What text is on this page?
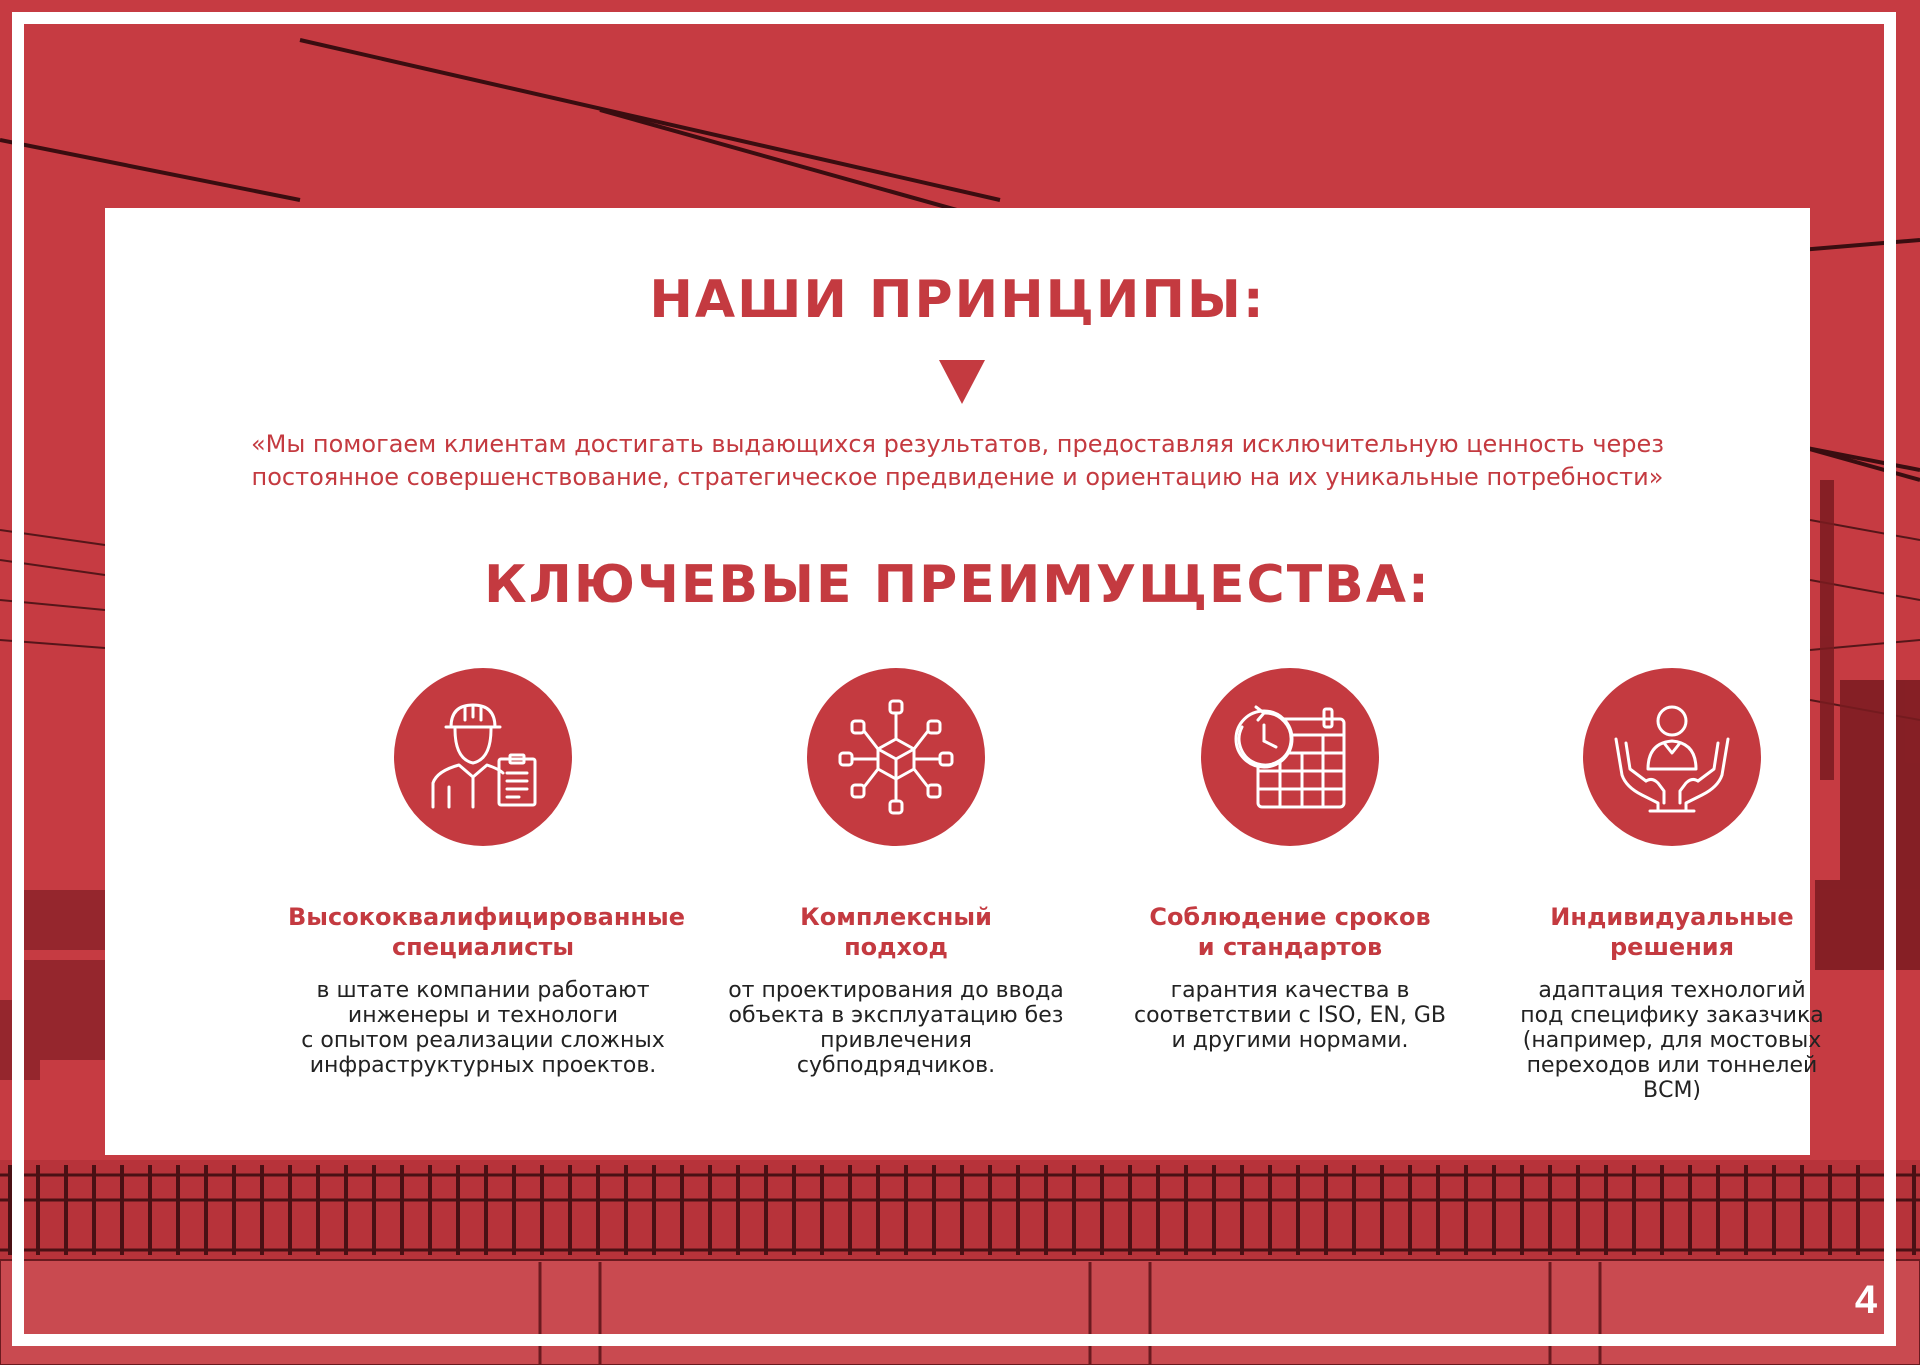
НАШИ ПРИНЦИПЫ:
«Мы помогаем клиентам достигать выдающихся результатов, предоставляя исключительную ценность через
постоянное совершенствование, стратегическое предвидение и ориентацию на их уникальные потребности»
КЛЮЧЕВЫЕ ПРЕИМУЩЕСТВА:
Высококвалифицированные
специалисты
в штате компании работают
инженеры и технологи
с опытом реализации сложных
инфраструктурных проектов.
Комплексный
подход
от проектирования до ввода
объекта в эксплуатацию без
привлечения
субподрядчиков.
Соблюдение сроков
и стандартов
гарантия качества в
соответствии с ISO, EN, GB
и другими нормами.
Индивидуальные
решения
адаптация технологий
под специфику заказчика
(например, для мостовых
переходов или тоннелей
ВСМ)
4
